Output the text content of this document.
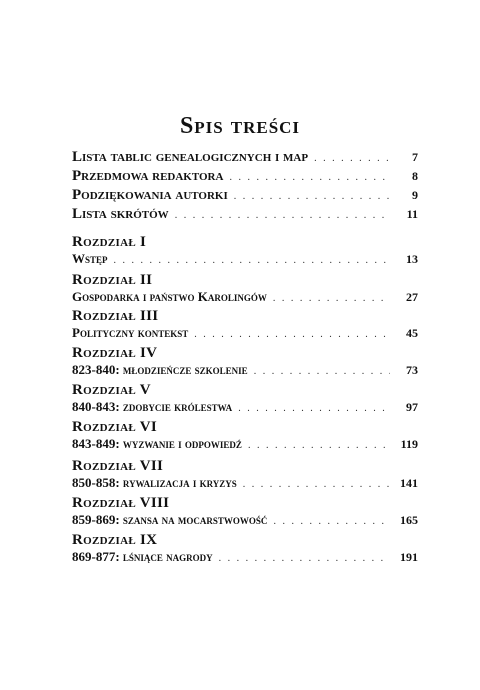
Spis treści
Lista tablic genealogicznych i map . . .	7
Przedmowa redaktora . . .	8
Podziękowania autorki . . .	9
Lista skrótów . . .	11
Rozdział I
Wstęp . . .	13
Rozdział II
Gospodarka i państwo Karolingów . . .	27
Rozdział III
Polityczny kontekst . . .	45
Rozdział IV
823-840: młodzieńcze szkolenie . . .	73
Rozdział V
840-843: zdobycie królestwa . . .	97
Rozdział VI
843-849: wyzwanie i odpowiedź . . .	119
Rozdział VII
850-858: rywalizacja i kryzys . . .	141
Rozdział VIII
859-869: szansa na mocarstwowość . . .	165
Rozdział IX
869-877: lśniące nagrody . . .	191
